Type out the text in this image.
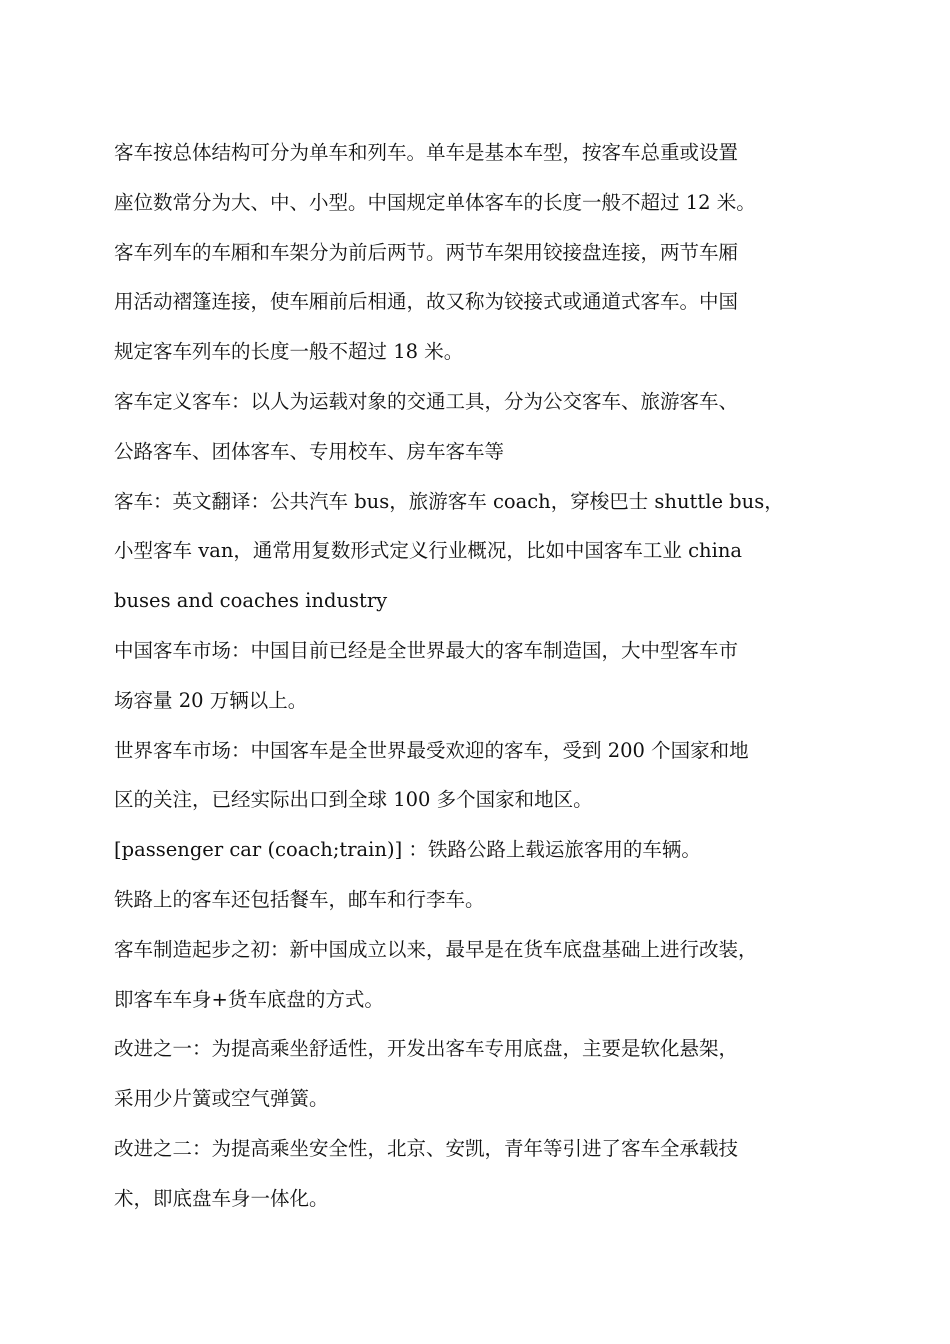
客车按总体结构可分为单车和列车。单车是基本车型，按客车总重或设置
座位数常分为大、中、小型。中国规定单体客车的长度一般不超过 12 米。
客车列车的车厢和车架分为前后两节。两节车架用铰接盘连接，两节车厢
用活动褶篷连接，使车厢前后相通，故又称为铰接式或通道式客车。中国
规定客车列车的长度一般不超过 18 米。
客车定义客车：以人为运载对象的交通工具，分为公交客车、旅游客车、
公路客车、团体客车、专用校车、房车客车等
客车：英文翻译：公共汽车 bus，旅游客车 coach，穿梭巴士 shuttle bus，
小型客车 van，通常用复数形式定义行业概况，比如中国客车工业 china
buses and coaches industry
中国客车市场：中国目前已经是全世界最大的客车制造国，大中型客车市
场容量 20 万辆以上。
世界客车市场：中国客车是全世界最受欢迎的客车，受到 200 个国家和地
区的关注，已经实际出口到全球 100 多个国家和地区。
[passenger car (coach;train)] ：铁路公路上载运旅客用的车辆。
铁路上的客车还包括餐车，邮车和行李车。
客车制造起步之初：新中国成立以来，最早是在货车底盘基础上进行改装，
即客车车身+货车底盘的方式。
改进之一：为提高乘坐舒适性，开发出客车专用底盘，主要是软化悬架，
采用少片簧或空气弹簧。
改进之二：为提高乘坐安全性，北京、安凯，青年等引进了客车全承载技
术，即底盘车身一体化。
